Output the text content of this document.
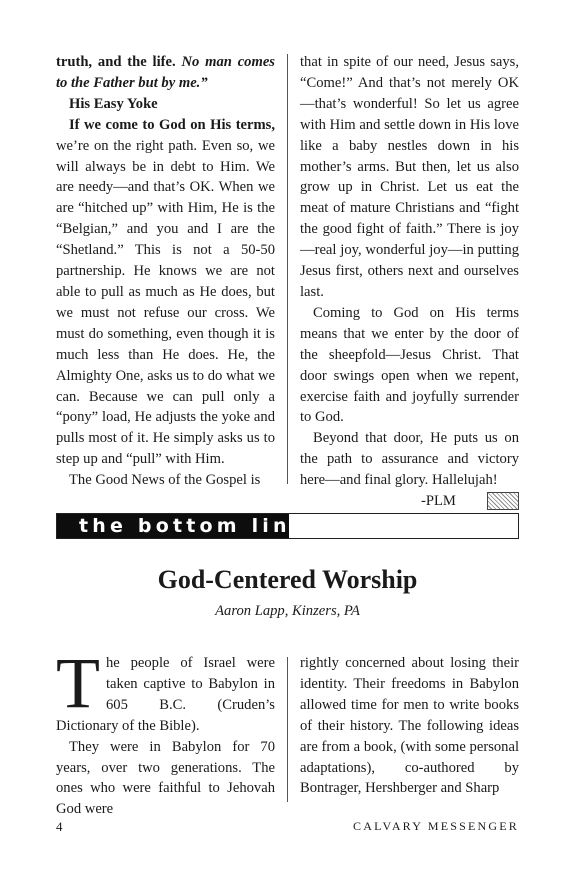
truth, and the life. No man comes to the Father but by me.”

His Easy Yoke

If we come to God on His terms, we’re on the right path. Even so, we will always be in debt to Him. We are needy—and that’s OK. When we are “hitched up” with Him, He is the “Belgian,” and you and I are the “Shetland.” This is not a 50-50 partnership. He knows we are not able to pull as much as He does, but we must not refuse our cross. We must do something, even though it is much less than He does. He, the Almighty One, asks us to do what we can. Because we can pull only a “pony” load, He adjusts the yoke and pulls most of it. He simply asks us to step up and “pull” with Him.

The Good News of the Gospel is

that in spite of our need, Jesus says, “Come!” And that’s not merely OK—that’s wonderful! So let us agree with Him and settle down in His love like a baby nestles down in his mother’s arms. But then, let us also grow up in Christ. Let us eat the meat of mature Christians and “fight the good fight of faith.” There is joy—real joy, wonderful joy—in putting Jesus first, others next and ourselves last.

Coming to God on His terms means that we enter by the door of the sheepfold—Jesus Christ. That door swings open when we repent, exercise faith and joyfully surrender to God.

Beyond that door, He puts us on the path to assurance and victory here—and final glory. Hallelujah!

-PLM
the bottom line
God-Centered Worship
Aaron Lapp, Kinzers, PA

The people of Israel were taken captive to Babylon in 605 B.C. (Cruden’s Dictionary of the Bible).

They were in Babylon for 70 years, over two generations. The ones who were faithful to Jehovah God were

rightly concerned about losing their identity. Their freedoms in Babylon allowed time for men to write books of their history. The following ideas are from a book, (with some personal adaptations), co-authored by Bontrager, Hershberger and Sharp

4	CALVARY MESSENGER
